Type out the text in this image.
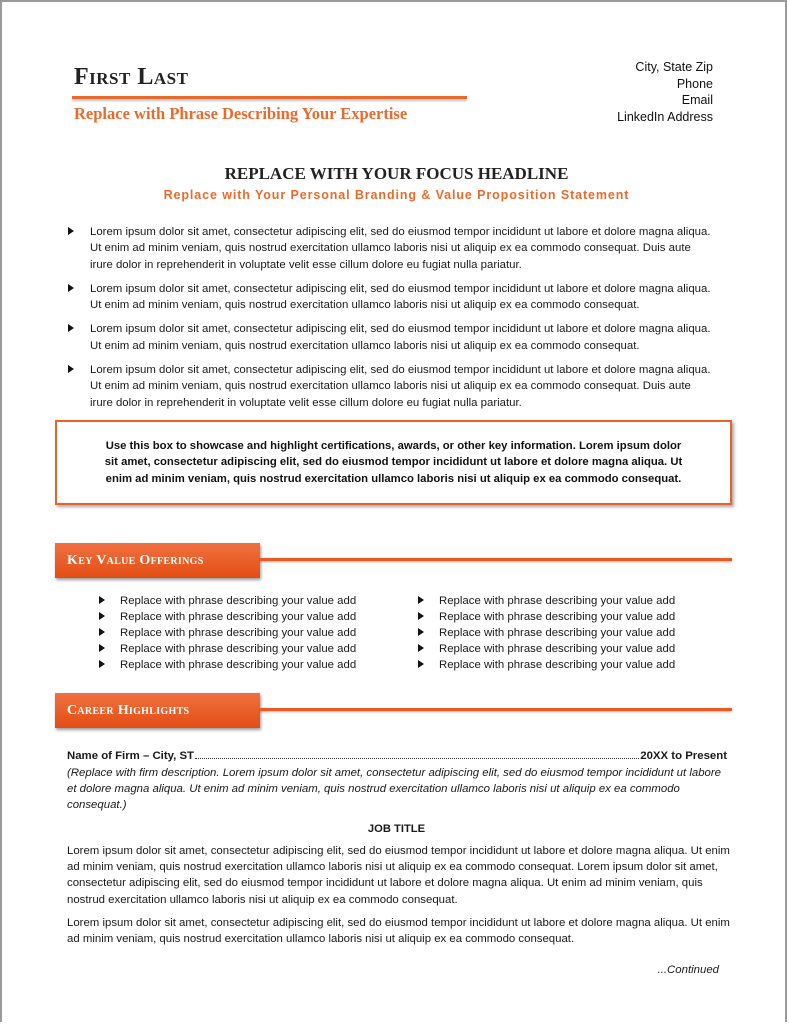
First Last
Replace with Phrase Describing Your Expertise
City, State Zip
Phone
Email
LinkedIn Address
REPLACE WITH YOUR FOCUS HEADLINE
Replace with Your Personal Branding & Value Proposition Statement
Lorem ipsum dolor sit amet, consectetur adipiscing elit, sed do eiusmod tempor incididunt ut labore et dolore magna aliqua. Ut enim ad minim veniam, quis nostrud exercitation ullamco laboris nisi ut aliquip ex ea commodo consequat. Duis aute irure dolor in reprehenderit in voluptate velit esse cillum dolore eu fugiat nulla pariatur.
Lorem ipsum dolor sit amet, consectetur adipiscing elit, sed do eiusmod tempor incididunt ut labore et dolore magna aliqua. Ut enim ad minim veniam, quis nostrud exercitation ullamco laboris nisi ut aliquip ex ea commodo consequat.
Lorem ipsum dolor sit amet, consectetur adipiscing elit, sed do eiusmod tempor incididunt ut labore et dolore magna aliqua. Ut enim ad minim veniam, quis nostrud exercitation ullamco laboris nisi ut aliquip ex ea commodo consequat.
Lorem ipsum dolor sit amet, consectetur adipiscing elit, sed do eiusmod tempor incididunt ut labore et dolore magna aliqua. Ut enim ad minim veniam, quis nostrud exercitation ullamco laboris nisi ut aliquip ex ea commodo consequat. Duis aute irure dolor in reprehenderit in voluptate velit esse cillum dolore eu fugiat nulla pariatur.

Use this box to showcase and highlight certifications, awards, or other key information. Lorem ipsum dolor sit amet, consectetur adipiscing elit, sed do eiusmod tempor incididunt ut labore et dolore magna aliqua. Ut enim ad minim veniam, quis nostrud exercitation ullamco laboris nisi ut aliquip ex ea commodo consequat.

Key Value Offerings
Replace with phrase describing your value add
Replace with phrase describing your value add
Replace with phrase describing your value add
Replace with phrase describing your value add
Replace with phrase describing your value add
Replace with phrase describing your value add
Replace with phrase describing your value add
Replace with phrase describing your value add
Replace with phrase describing your value add
Replace with phrase describing your value add
Career Highlights
Name of Firm – City, ST	20XX to Present
(Replace with firm description. Lorem ipsum dolor sit amet, consectetur adipiscing elit, sed do eiusmod tempor incididunt ut labore et dolore magna aliqua. Ut enim ad minim veniam, quis nostrud exercitation ullamco laboris nisi ut aliquip ex ea commodo consequat.)
JOB TITLE
Lorem ipsum dolor sit amet, consectetur adipiscing elit, sed do eiusmod tempor incididunt ut labore et dolore magna aliqua. Ut enim ad minim veniam, quis nostrud exercitation ullamco laboris nisi ut aliquip ex ea commodo consequat. Lorem ipsum dolor sit amet, consectetur adipiscing elit, sed do eiusmod tempor incididunt ut labore et dolore magna aliqua. Ut enim ad minim veniam, quis nostrud exercitation ullamco laboris nisi ut aliquip ex ea commodo consequat.
Lorem ipsum dolor sit amet, consectetur adipiscing elit, sed do eiusmod tempor incididunt ut labore et dolore magna aliqua. Ut enim ad minim veniam, quis nostrud exercitation ullamco laboris nisi ut aliquip ex ea commodo consequat.
...Continued
